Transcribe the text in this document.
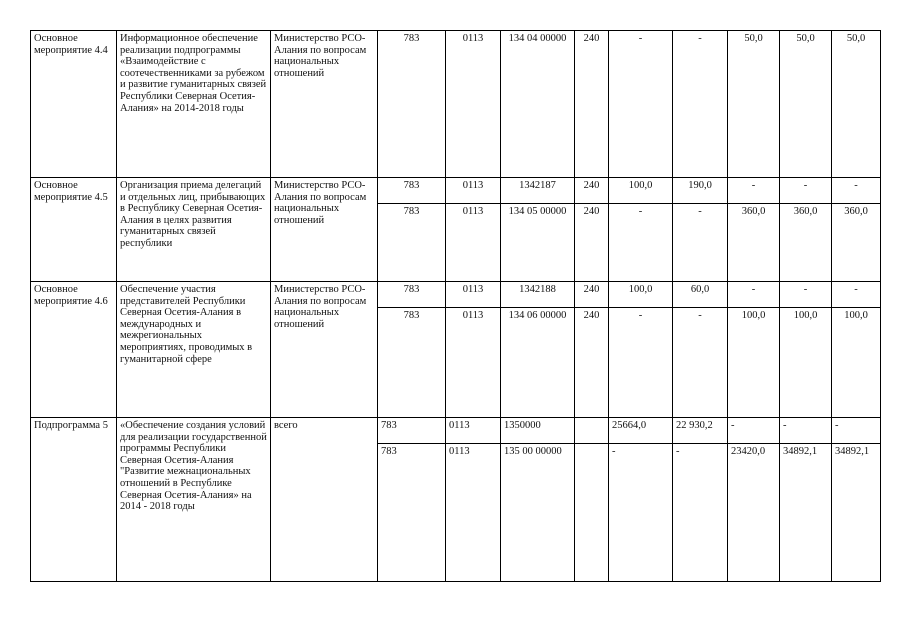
Основное мероприятие 4.4	Информационное обеспечение реализации подпрограммы «Взаимодействие с соотечественниками за рубежом и развитие гуманитарных связей Республики Северная Осетия-Алания» на 2014-2018 годы	Министерство РСО-Алания по вопросам национальных отношений	783	0113	134 04 00000	240	-	-	50,0	50,0	50,0
Основное мероприятие 4.5	Организация приема делегаций и отдельных лиц, прибывающих в Республику Северная Осетия-Алания в целях развития гуманитарных связей республики	Министерство РСО-Алания по вопросам национальных отношений	783	0113	1342187	240	100,0	190,0	-	-	-
			783	0113	134 05 00000	240	-	-	360,0	360,0	360,0
Основное мероприятие 4.6	Обеспечение участия представителей Республики Северная Осетия-Алания в международных и межрегиональных мероприятиях, проводимых в гуманитарной сфере	Министерство РСО-Алания по вопросам национальных отношений	783	0113	1342188	240	100,0	60,0	-	-	-
			783	0113	134 06 00000	240	-	-	100,0	100,0	100,0
Подпрограмма 5	«Обеспечение создания условий для реализации государственной программы Республики Северная Осетия-Алания "Развитие межнациональных отношений в Республике Северная Осетия-Алания» на 2014 - 2018 годы	всего	783	0113	1350000		25664,0	22 930,2	-	-	-
			783	0113	135 00 00000		-	-	23420,0	34892,1	34892,1
